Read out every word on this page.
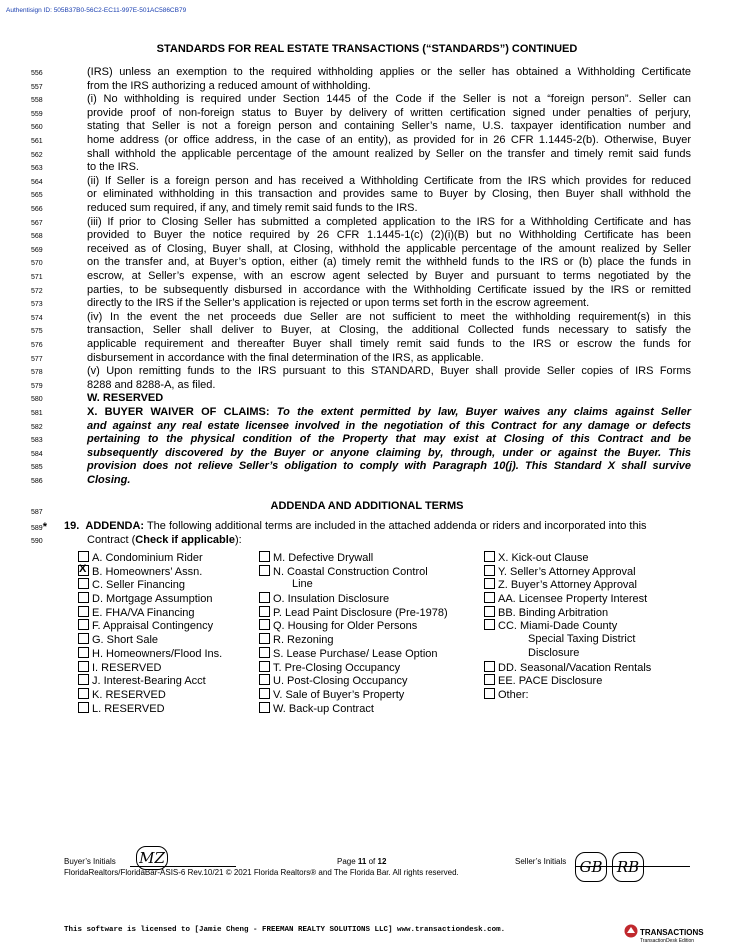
Authentisign ID: 505B37B0-56C2-EC11-997E-501AC586CB79
STANDARDS FOR REAL ESTATE TRANSACTIONS (“STANDARDS”) CONTINUED
556	(IRS) unless an exemption to the required withholding applies or the seller has obtained a Withholding Certificate
557	from the IRS authorizing a reduced amount of withholding.
558	(i) No withholding is required under Section 1445 of the Code if the Seller is not a “foreign person”. Seller can
559	provide proof of non-foreign status to Buyer by delivery of written certification signed under penalties of perjury,
560	stating that Seller is not a foreign person and containing Seller’s name, U.S. taxpayer identification number and
561	home address (or office address, in the case of an entity), as provided for in 26 CFR 1.1445-2(b). Otherwise, Buyer
562	shall withhold the applicable percentage of the amount realized by Seller on the transfer and timely remit said funds
563	to the IRS.
564	(ii) If Seller is a foreign person and has received a Withholding Certificate from the IRS which provides for reduced
565	or eliminated withholding in this transaction and provides same to Buyer by Closing, then Buyer shall withhold the
566	reduced sum required, if any, and timely remit said funds to the IRS.
567	(iii) If prior to Closing Seller has submitted a completed application to the IRS for a Withholding Certificate and has
568	provided to Buyer the notice required by 26 CFR 1.1445-1(c) (2)(i)(B) but no Withholding Certificate has been
569	received as of Closing, Buyer shall, at Closing, withhold the applicable percentage of the amount realized by Seller
570	on the transfer and, at Buyer’s option, either (a) timely remit the withheld funds to the IRS or (b) place the funds in
571	escrow, at Seller’s expense, with an escrow agent selected by Buyer and pursuant to terms negotiated by the
572	parties, to be subsequently disbursed in accordance with the Withholding Certificate issued by the IRS or remitted
573	directly to the IRS if the Seller’s application is rejected or upon terms set forth in the escrow agreement.
574	(iv) In the event the net proceeds due Seller are not sufficient to meet the withholding requirement(s) in this
575	transaction, Seller shall deliver to Buyer, at Closing, the additional Collected funds necessary to satisfy the
576	applicable requirement and thereafter Buyer shall timely remit said funds to the IRS or escrow the funds for
577	disbursement in accordance with the final determination of the IRS, as applicable.
578	(v) Upon remitting funds to the IRS pursuant to this STANDARD, Buyer shall provide Seller copies of IRS Forms
579	8288 and 8288-A, as filed.
580	W. RESERVED
581	X. BUYER WAIVER OF CLAIMS: To the extent permitted by law, Buyer waives any claims against Seller
582	and against any real estate licensee involved in the negotiation of this Contract for any damage or defects
583	pertaining to the physical condition of the Property that may exist at Closing of this Contract and be
584	subsequently discovered by the Buyer or anyone claiming by, through, under or against the Buyer. This
585	provision does not relieve Seller’s obligation to comply with Paragraph 10(j). This Standard X shall survive
586	Closing.
587
ADDENDA AND ADDITIONAL TERMS
589*
590
19. ADDENDA: The following additional terms are included in the attached addenda or riders and incorporated into this
Contract (Check if applicable):
A. Condominium Rider
XB. Homeowners’ Assn.
C. Seller Financing
D. Mortgage Assumption
E. FHA/VA Financing
F. Appraisal Contingency
G. Short Sale
H. Homeowners/Flood Ins.
I. RESERVED
J. Interest-Bearing Acct
K. RESERVED
L. RESERVED
M. Defective Drywall
N. Coastal Construction Control
Line
O. Insulation Disclosure
P. Lead Paint Disclosure (Pre-1978)
Q. Housing for Older Persons
R. Rezoning
S. Lease Purchase/ Lease Option
T. Pre-Closing Occupancy
U. Post-Closing Occupancy
V. Sale of Buyer’s Property
W. Back-up Contract
X. Kick-out Clause
Y. Seller’s Attorney Approval
Z. Buyer’s Attorney Approval
AA. Licensee Property Interest
BB. Binding Arbitration
CC. Miami-Dade County
Special Taxing District
Disclosure
DD. Seasonal/Vacation Rentals
EE. PACE Disclosure
Other:
Buyer’s Initials MZ	Page 11 of 12	Seller’s Initials GB RB
FloridaRealtors/FloridaBar-ASIS-6 Rev.10/21 © 2021 Florida Realtors® and The Florida Bar. All rights reserved.
This software is licensed to [Jamie Cheng - FREEMAN REALTY SOLUTIONS LLC] www.transactiondesk.com.	TRANSACTIONS
TransactionDesk Edition
